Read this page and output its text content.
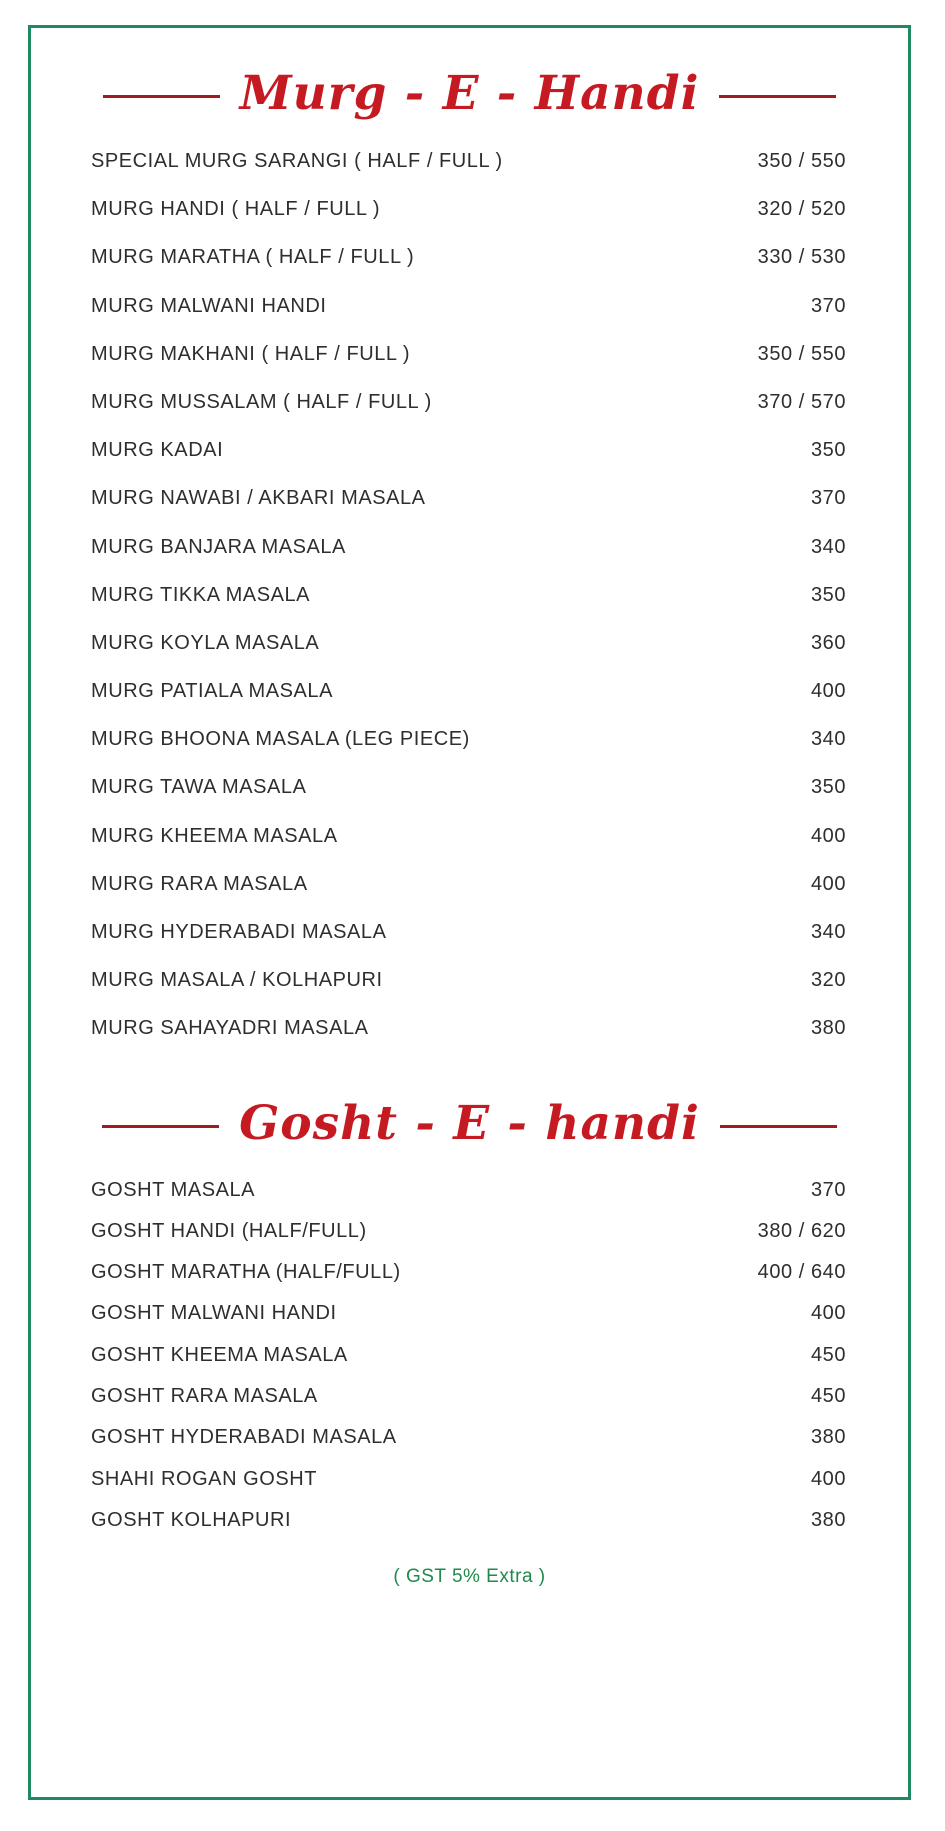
Murg - E - Handi
SPECIAL MURG SARANGI ( HALF / FULL )	350 / 550
MURG HANDI ( HALF / FULL )	320 / 520
MURG MARATHA ( HALF / FULL )	330 / 530
MURG MALWANI HANDI	370
MURG MAKHANI ( HALF / FULL )	350 / 550
MURG MUSSALAM ( HALF / FULL )	370 / 570
MURG KADAI	350
MURG NAWABI / AKBARI MASALA	370
MURG BANJARA MASALA	340
MURG TIKKA MASALA	350
MURG KOYLA MASALA	360
MURG PATIALA MASALA	400
MURG BHOONA MASALA (LEG PIECE)	340
MURG TAWA MASALA	350
MURG KHEEMA MASALA	400
MURG RARA MASALA	400
MURG HYDERABADI MASALA	340
MURG MASALA / KOLHAPURI	320
MURG SAHAYADRI MASALA	380
Gosht - E - handi
GOSHT MASALA	370
GOSHT HANDI (HALF/FULL)	380 / 620
GOSHT MARATHA (HALF/FULL)	400 / 640
GOSHT MALWANI HANDI	400
GOSHT KHEEMA MASALA	450
GOSHT RARA MASALA	450
GOSHT HYDERABADI MASALA	380
SHAHI ROGAN GOSHT	400
GOSHT KOLHAPURI	380
( GST 5% Extra )
